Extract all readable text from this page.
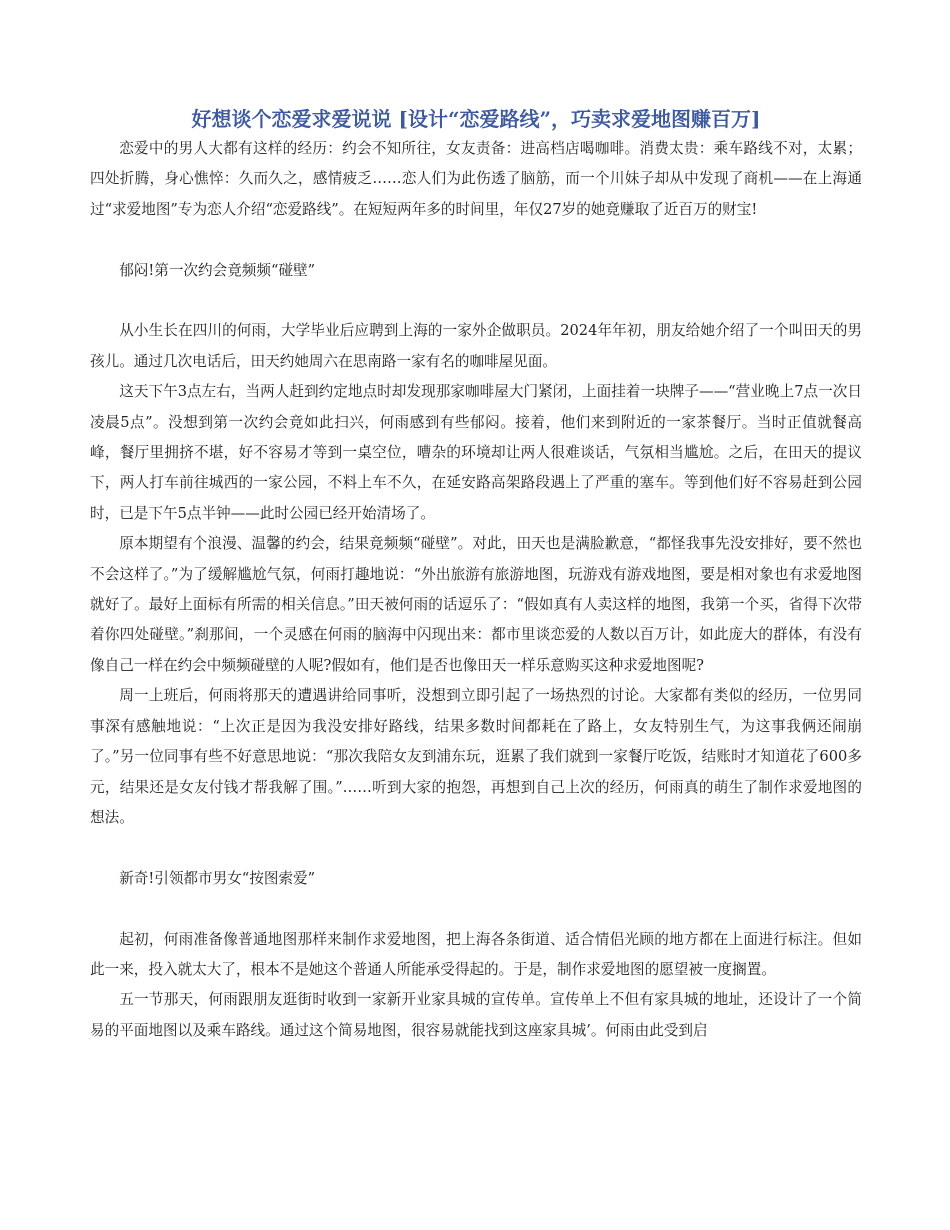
好想谈个恋爱求爱说说 [设计“恋爱路线”，巧卖求爱地图赚百万]

恋爱中的男人大都有这样的经历：约会不知所往，女友责备：进高档店喝咖啡。消费太贵：乘车路线不对，太累；四处折腾，身心憔悴：久而久之，感情疲乏……恋人们为此伤透了脑筋，而一个川妹子却从中发现了商机——在上海通过“求爱地图”专为恋人介绍“恋爱路线”。在短短两年多的时间里，年仅27岁的她竟赚取了近百万的财宝!

郁闷!第一次约会竟频频“碰壁”

从小生长在四川的何雨，大学毕业后应聘到上海的一家外企做职员。2024年年初，朋友给她介绍了一个叫田天的男孩儿。通过几次电话后，田天约她周六在思南路一家有名的咖啡屋见面。

这天下午3点左右，当两人赶到约定地点时却发现那家咖啡屋大门紧闭，上面挂着一块牌子——“营业晚上7点一次日凌晨5点”。没想到第一次约会竟如此扫兴，何雨感到有些郁闷。接着，他们来到附近的一家茶餐厅。当时正值就餐高峰，餐厅里拥挤不堪，好不容易才等到一桌空位，嘈杂的环境却让两人很难谈话，气氛相当尴尬。之后，在田天的提议下，两人打车前往城西的一家公园，不料上车不久，在延安路高架路段遇上了严重的塞车。等到他们好不容易赶到公园时，已是下午5点半钟——此时公园已经开始清场了。

原本期望有个浪漫、温馨的约会，结果竟频频“碰壁”。对此，田天也是满脸歉意，“都怪我事先没安排好，要不然也不会这样了。”为了缓解尴尬气氛，何雨打趣地说：“外出旅游有旅游地图，玩游戏有游戏地图，要是相对象也有求爱地图就好了。最好上面标有所需的相关信息。”田天被何雨的话逗乐了：“假如真有人卖这样的地图，我第一个买，省得下次带着你四处碰壁。”刹那间，一个灵感在何雨的脑海中闪现出来：都市里谈恋爱的人数以百万计，如此庞大的群体，有没有像自己一样在约会中频频碰壁的人呢?假如有，他们是否也像田天一样乐意购买这种求爱地图呢?

周一上班后，何雨将那天的遭遇讲给同事听，没想到立即引起了一场热烈的讨论。大家都有类似的经历，一位男同事深有感触地说：“上次正是因为我没安排好路线，结果多数时间都耗在了路上，女友特别生气，为这事我俩还闹崩了。”另一位同事有些不好意思地说：“那次我陪女友到浦东玩，逛累了我们就到一家餐厅吃饭，结账时才知道花了600多元，结果还是女友付钱才帮我解了围。”……听到大家的抱怨，再想到自己上次的经历，何雨真的萌生了制作求爱地图的想法。

新奇!引领都市男女“按图索爱”

起初，何雨准备像普通地图那样来制作求爱地图，把上海各条街道、适合情侣光顾的地方都在上面进行标注。但如此一来，投入就太大了，根本不是她这个普通人所能承受得起的。于是，制作求爱地图的愿望被一度搁置。

五一节那天，何雨跟朋友逛街时收到一家新开业家具城的宣传单。宣传单上不但有家具城的地址，还设计了一个简易的平面地图以及乘车路线。通过这个简易地图，很容易就能找到这座家具城’。何雨由此受到启
